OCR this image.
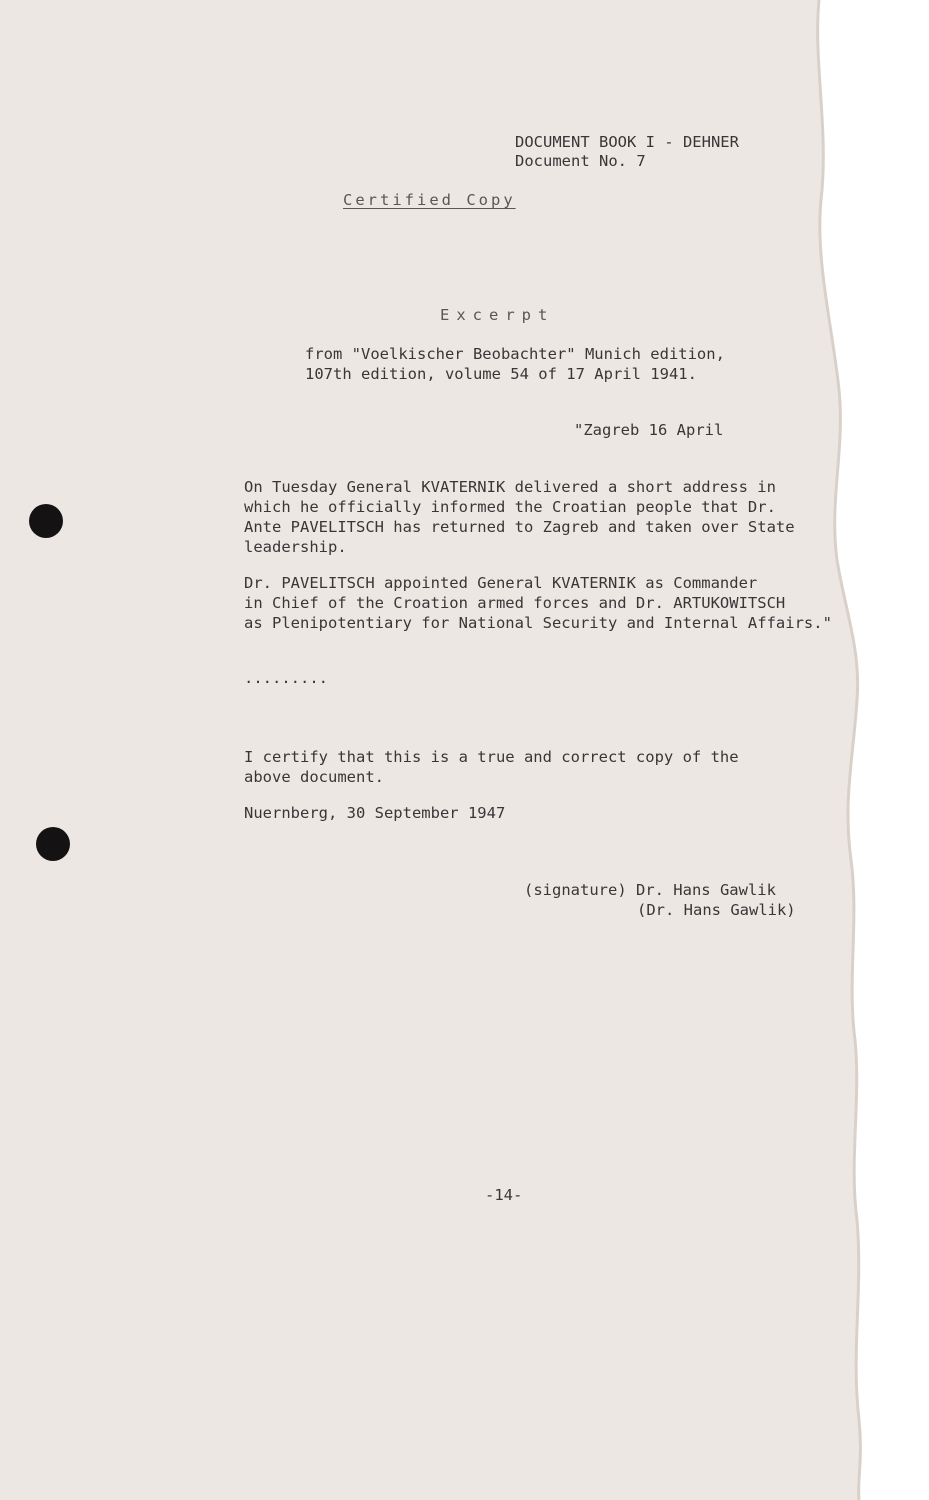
DOCUMENT BOOK I - DEHNER
Document No. 7
Certified Copy
Excerpt
from "Voelkischer Beobachter" Munich edition,
107th edition, volume 54 of 17 April 1941.
"Zagreb 16 April
On Tuesday General KVATERNIK delivered a short address in
which he officially informed the Croatian people that Dr.
Ante PAVELITSCH has returned to Zagreb and taken over State
leadership.
Dr. PAVELITSCH appointed General KVATERNIK as Commander
in Chief of the Croation armed forces and Dr. ARTUKOWITSCH
as Plenipotentiary for National Security and Internal Affairs."
.........
I certify that this is a true and correct copy of the
above document.
Nuernberg, 30 September 1947
(signature) Dr. Hans Gawlik
(Dr. Hans Gawlik)
-14-
